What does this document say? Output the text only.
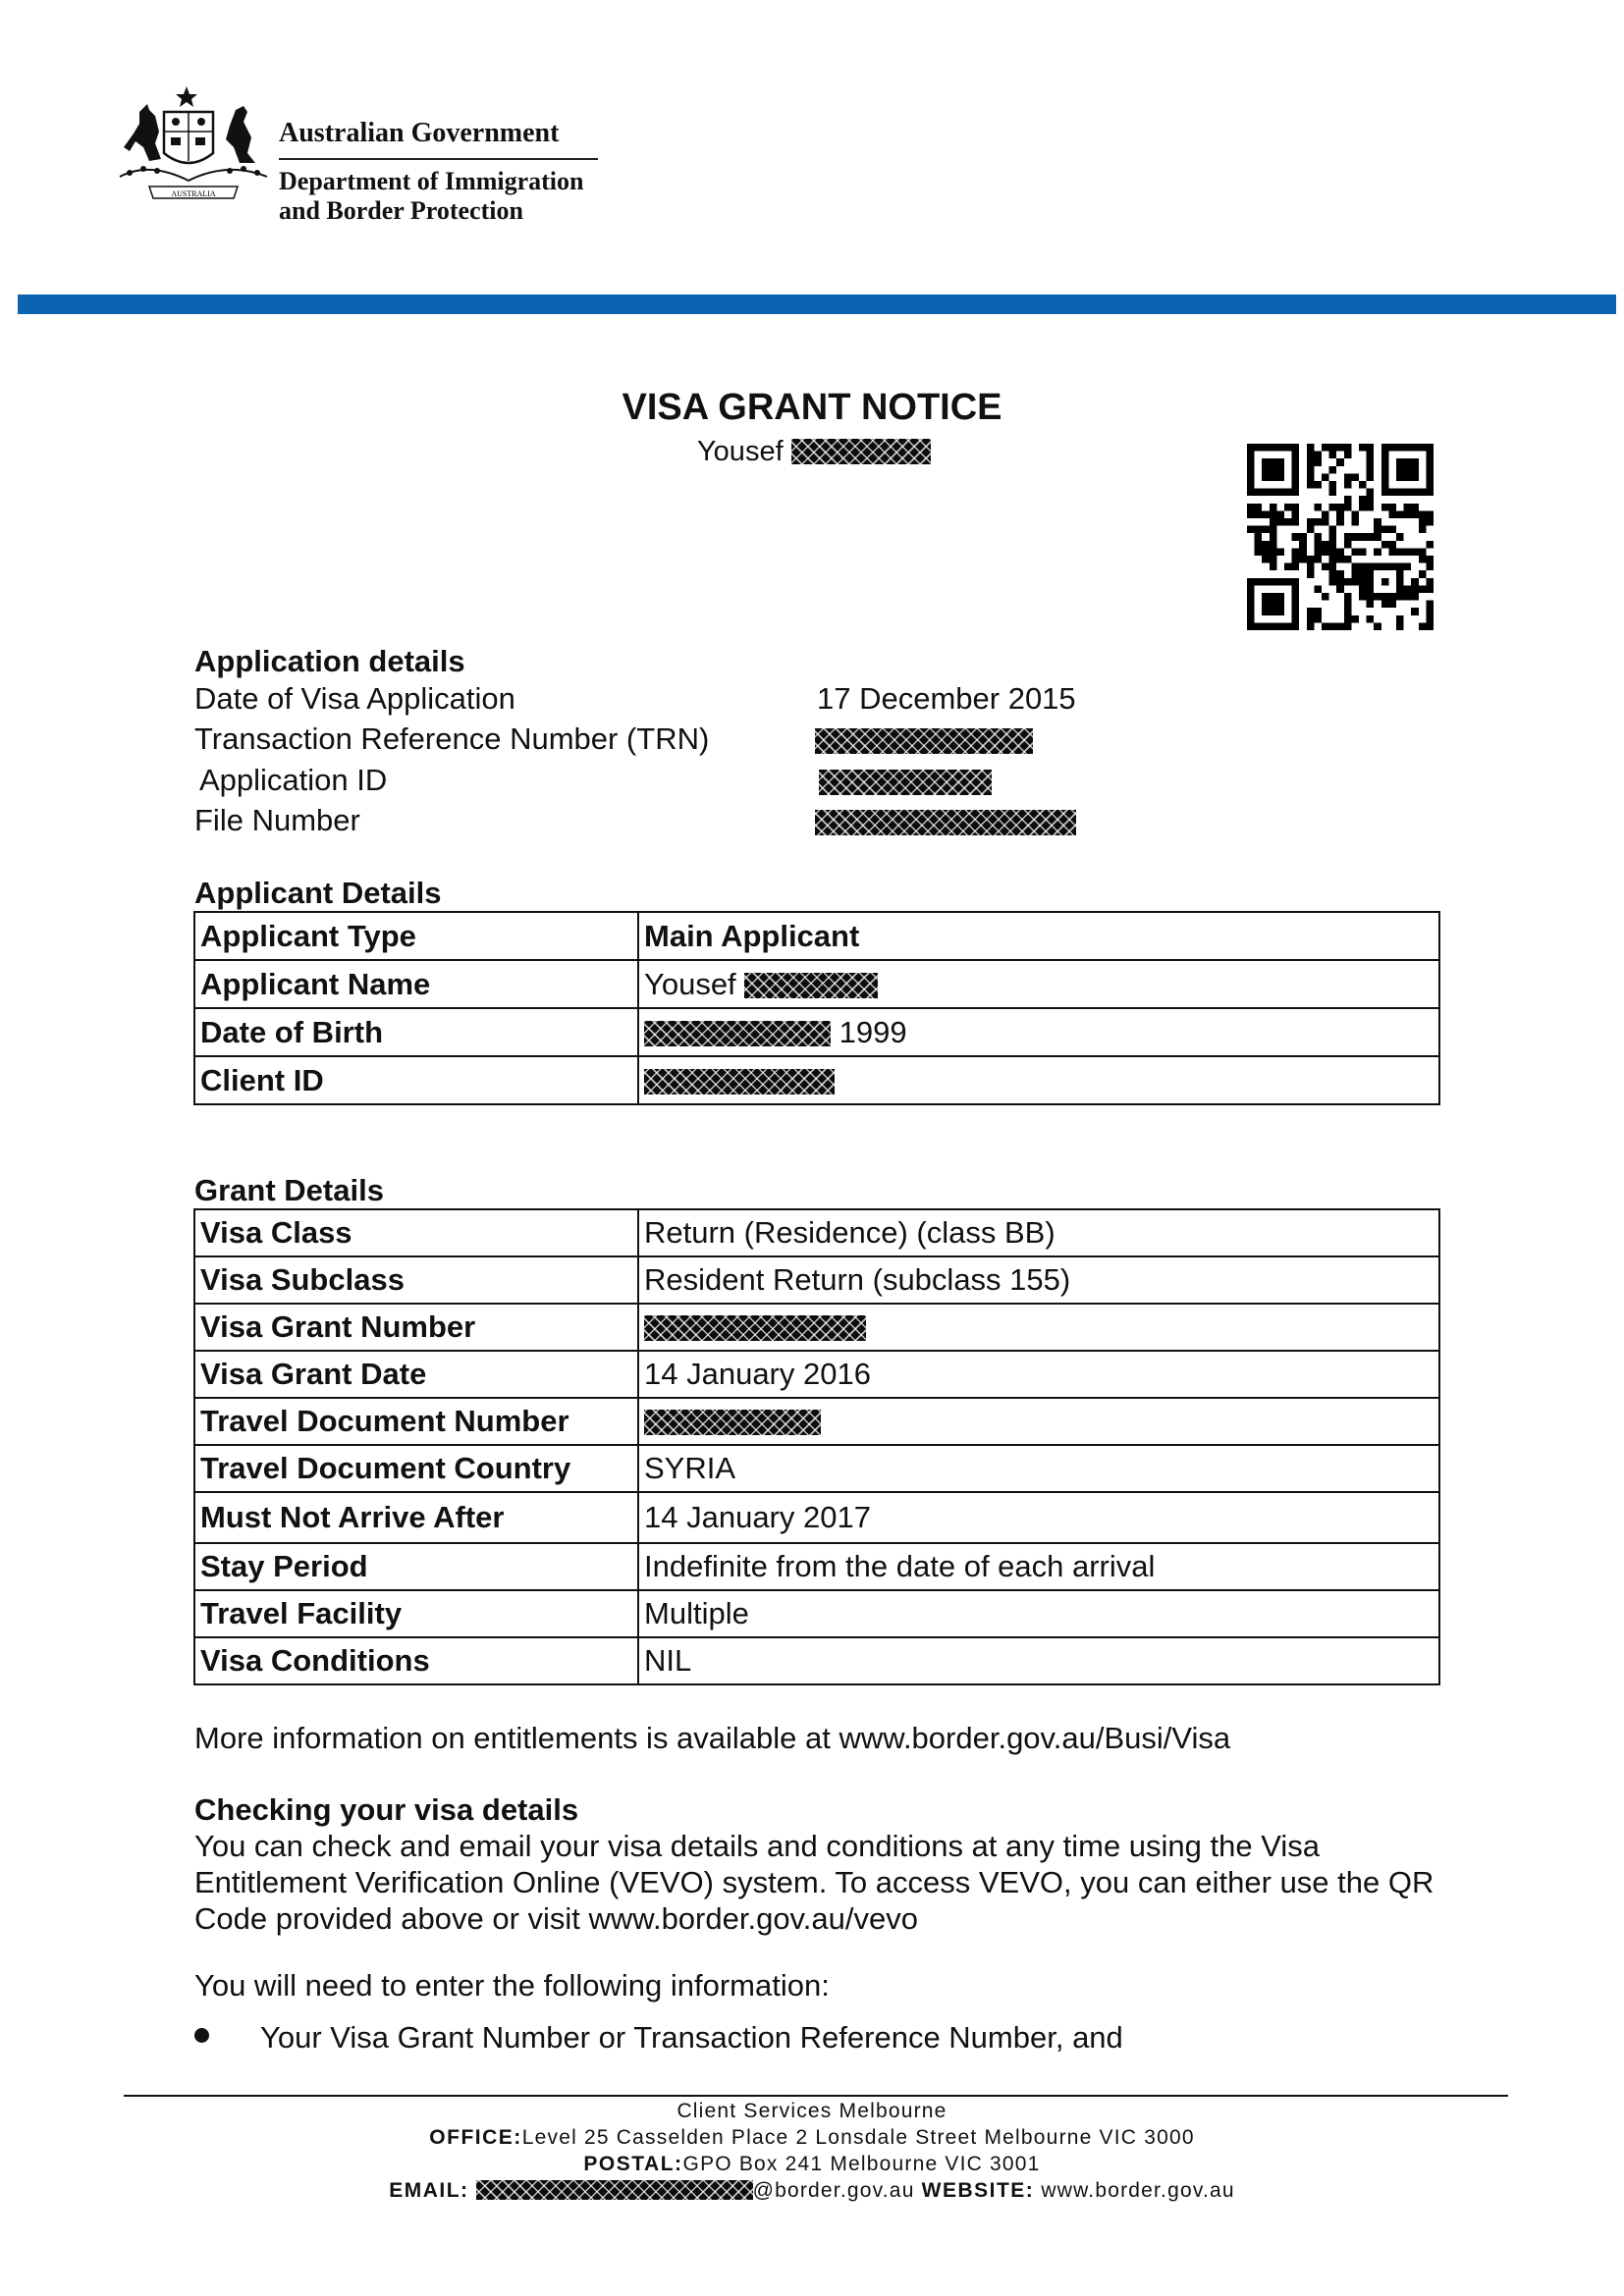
AUSTRALIA
Australian Government
Department of Immigration
and Border Protection
VISA GRANT NOTICE
Yousef
Application details
Date of Visa Application	17 December 2015
Transaction Reference Number (TRN)
Application ID
File Number
Applicant Details
Applicant Type	Main Applicant
Applicant Name	Yousef
Date of Birth	1999
Client ID	
Grant Details
Visa Class	Return (Residence) (class BB)
Visa Subclass	Resident Return (subclass 155)
Visa Grant Number	
Visa Grant Date	14 January 2016
Travel Document Number	
Travel Document Country	SYRIA
Must Not Arrive After	14 January 2017
Stay Period	Indefinite from the date of each arrival
Travel Facility	Multiple
Visa Conditions	NIL
More information on entitlements is available at www.border.gov.au/Busi/Visa
Checking your visa details
You can check and email your visa details and conditions at any time using the Visa
Entitlement Verification Online (VEVO) system. To access VEVO, you can either use the QR
Code provided above or visit www.border.gov.au/vevo
You will need to enter the following information:
Your Visa Grant Number or Transaction Reference Number, and
Client Services Melbourne
OFFICE:Level 25 Casselden Place 2 Lonsdale Street Melbourne VIC 3000
POSTAL:GPO Box 241 Melbourne VIC 3001
EMAIL:	@border.gov.au WEBSITE: www.border.gov.au
